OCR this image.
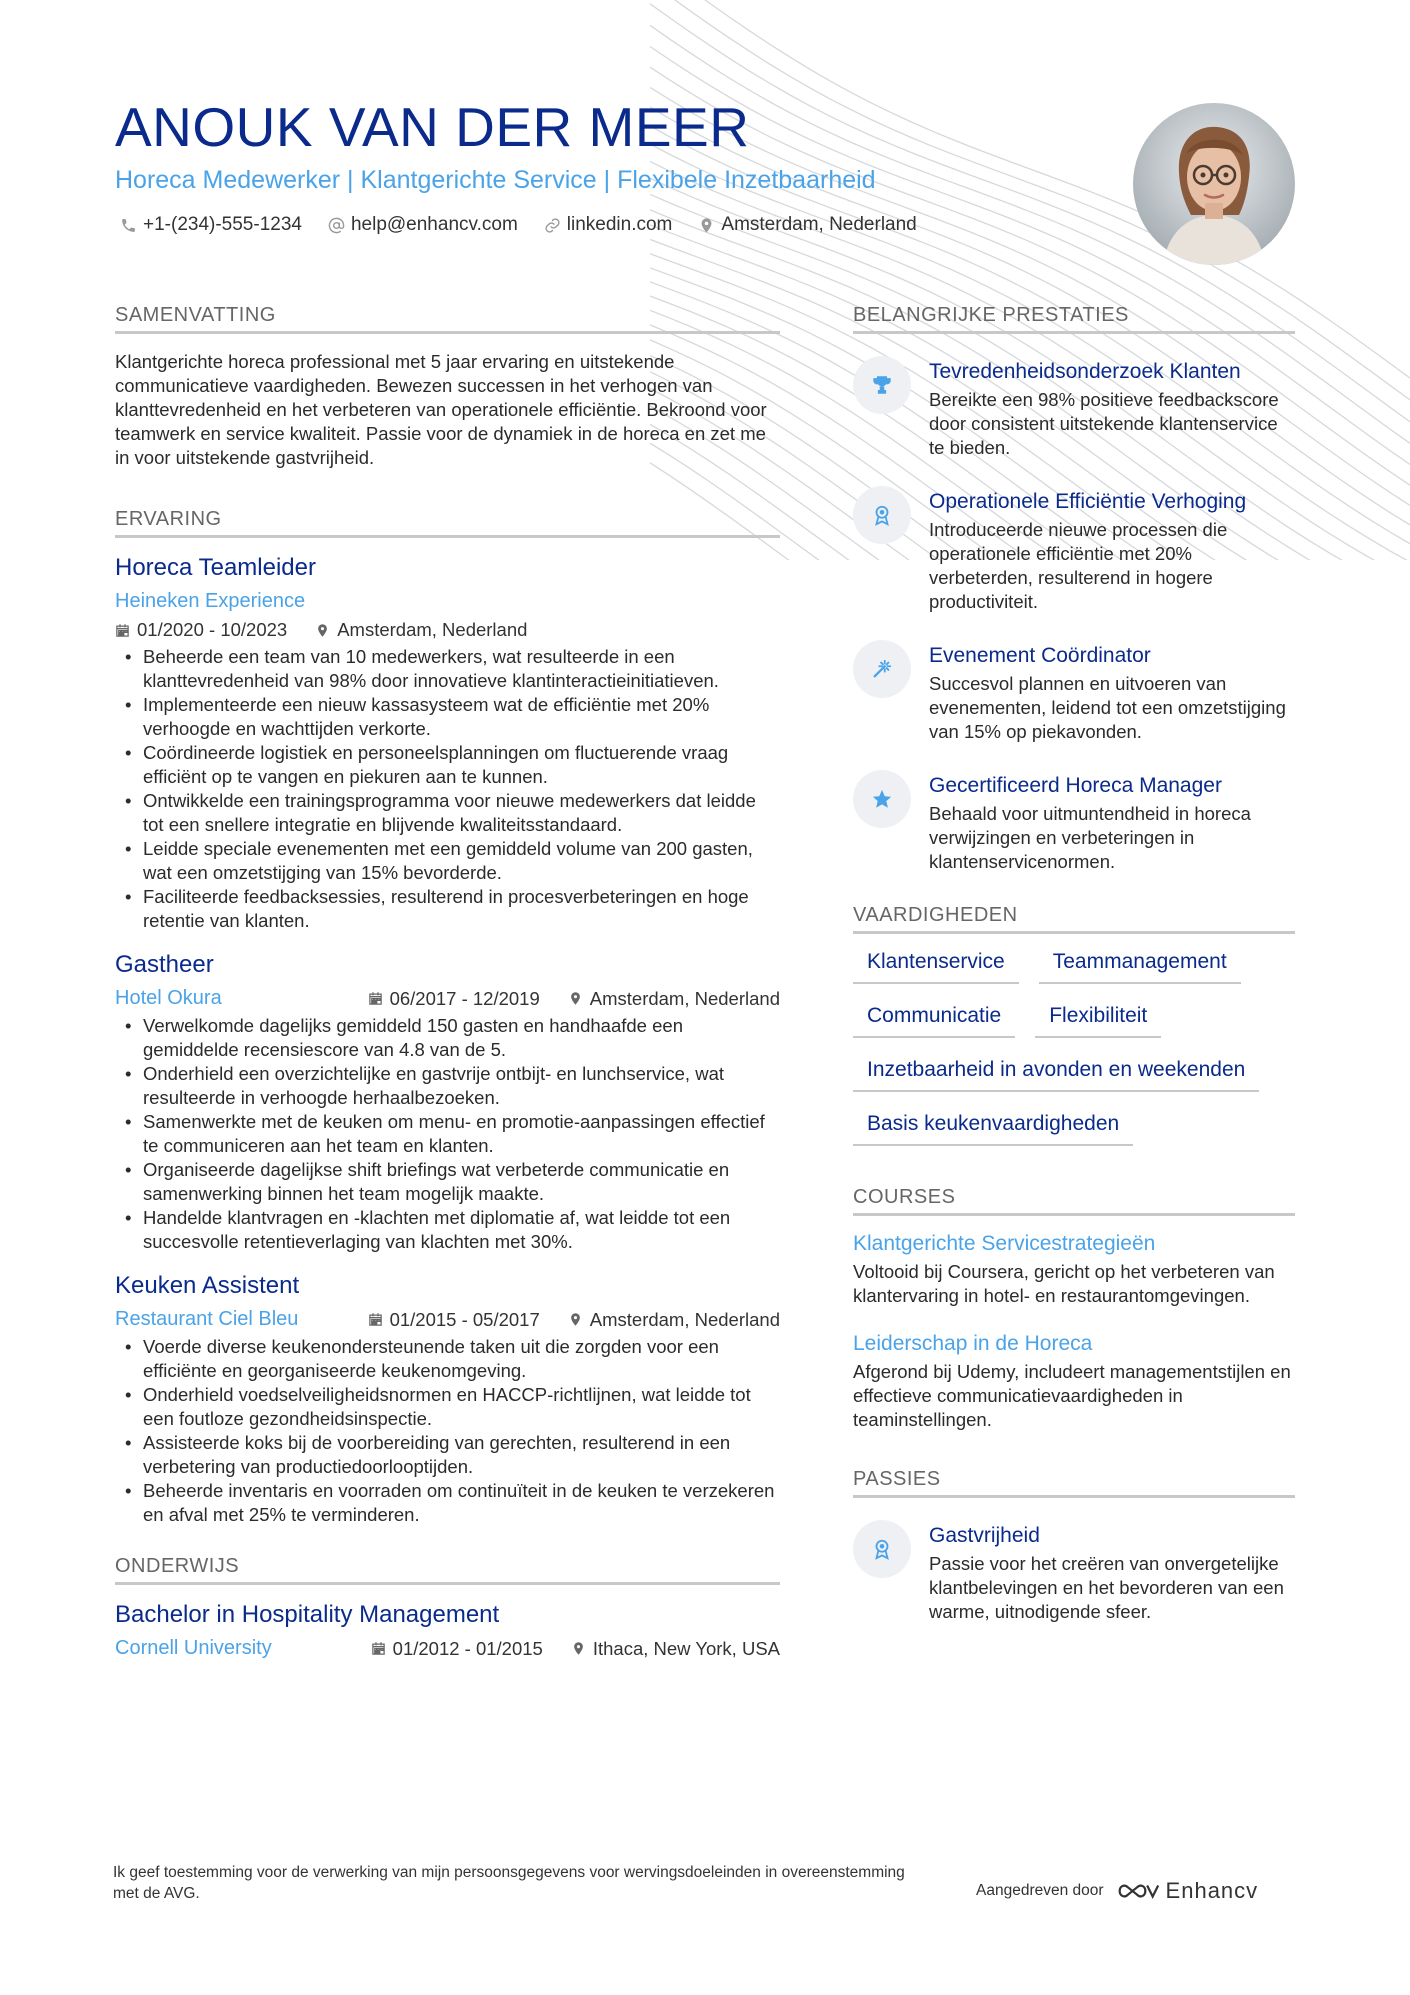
ANOUK VAN DER MEER
Horeca Medewerker | Klantgerichte Service | Flexibele Inzetbaarheid
+1-(234)-555-1234	help@enhancv.com	linkedin.com	Amsterdam, Nederland
SAMENVATTING

Klantgerichte horeca professional met 5 jaar ervaring en uitstekende communicatieve vaardigheden. Bewezen successen in het verhogen van klanttevredenheid en het verbeteren van operationele efficiëntie. Bekroond voor teamwerk en service kwaliteit. Passie voor de dynamiek in de horeca en zet me in voor uitstekende gastvrijheid.

ERVARING
Horeca Teamleider
Heineken Experience
01/2020 - 10/2023	Amsterdam, Nederland
• Beheerde een team van 10 medewerkers, wat resulteerde in een klanttevredenheid van 98% door innovatieve klantinteractieinitiatieven.
• Implementeerde een nieuw kassasysteem wat de efficiëntie met 20% verhoogde en wachttijden verkorte.
• Coördineerde logistiek en personeelsplanningen om fluctuerende vraag efficiënt op te vangen en piekuren aan te kunnen.
• Ontwikkelde een trainingsprogramma voor nieuwe medewerkers dat leidde tot een snellere integratie en blijvende kwaliteitsstandaard.
• Leidde speciale evenementen met een gemiddeld volume van 200 gasten, wat een omzetstijging van 15% bevorderde.
• Faciliteerde feedbacksessies, resulterend in procesverbeteringen en hoge retentie van klanten.
Gastheer
Hotel Okura	06/2017 - 12/2019	Amsterdam, Nederland
• Verwelkomde dagelijks gemiddeld 150 gasten en handhaafde een gemiddelde recensiescore van 4.8 van de 5.
• Onderhield een overzichtelijke en gastvrije ontbijt- en lunchservice, wat resulteerde in verhoogde herhaalbezoeken.
• Samenwerkte met de keuken om menu- en promotie-aanpassingen effectief te communiceren aan het team en klanten.
• Organiseerde dagelijkse shift briefings wat verbeterde communicatie en samenwerking binnen het team mogelijk maakte.
• Handelde klantvragen en -klachten met diplomatie af, wat leidde tot een succesvolle retentieverlaging van klachten met 30%.
Keuken Assistent
Restaurant Ciel Bleu	01/2015 - 05/2017	Amsterdam, Nederland
• Voerde diverse keukenondersteunende taken uit die zorgden voor een efficiënte en georganiseerde keukenomgeving.
• Onderhield voedselveiligheidsnormen en HACCP-richtlijnen, wat leidde tot een foutloze gezondheidsinspectie.
• Assisteerde koks bij de voorbereiding van gerechten, resulterend in een verbetering van productiedoorlooptijden.
• Beheerde inventaris en voorraden om continuïteit in de keuken te verzekeren en afval met 25% te verminderen.
ONDERWIJS
Bachelor in Hospitality Management
Cornell University	01/2012 - 01/2015	Ithaca, New York, USA
BELANGRIJKE PRESTATIES
Tevredenheidsonderzoek Klanten
Bereikte een 98% positieve feedbackscore door consistent uitstekende klantenservice te bieden.
Operationele Efficiëntie Verhoging
Introduceerde nieuwe processen die operationele efficiëntie met 20% verbeterden, resulterend in hogere productiviteit.
Evenement Coördinator
Succesvol plannen en uitvoeren van evenementen, leidend tot een omzetstijging van 15% op piekavonden.
Gecertificeerd Horeca Manager
Behaald voor uitmuntendheid in horeca verwijzingen en verbeteringen in klantenservicenormen.
VAARDIGHEDEN
Klantenservice	Teammanagement
Communicatie	Flexibiliteit
Inzetbaarheid in avonden en weekenden
Basis keukenvaardigheden
COURSES
Klantgerichte Servicestrategieën
Voltooid bij Coursera, gericht op het verbeteren van klantervaring in hotel- en restaurantomgevingen.
Leiderschap in de Horeca
Afgerond bij Udemy, includeert managementstijlen en effectieve communicatievaardigheden in teaminstellingen.
PASSIES
Gastvrijheid
Passie voor het creëren van onvergetelijke klantbelevingen en het bevorderen van een warme, uitnodigende sfeer.
Ik geef toestemming voor de verwerking van mijn persoonsgegevens voor wervingsdoeleinden in overeenstemming met de AVG.	Aangedreven door	Enhancv
